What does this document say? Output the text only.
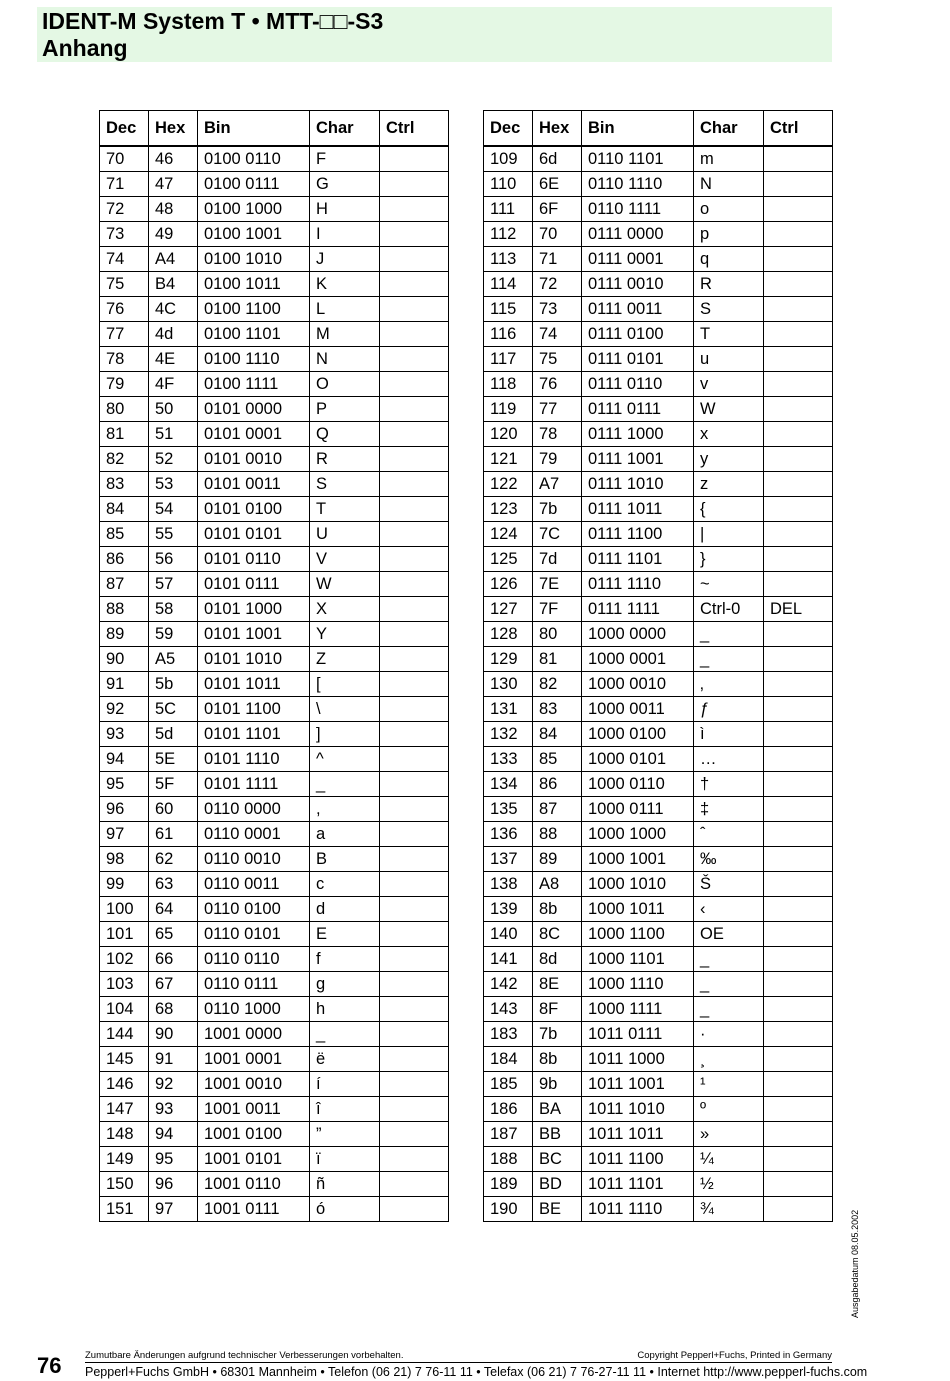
IDENT-M System T • MTT-□□-S3
Anhang
Dec	Hex	Bin	Char	Ctrl
70	46	0100 0110	F	
71	47	0100 0111	G	
72	48	0100 1000	H	
73	49	0100 1001	I	
74	A4	0100 1010	J	
75	B4	0100 1011	K	
76	4C	0100 1100	L	
77	4d	0100 1101	M	
78	4E	0100 1110	N	
79	4F	0100 1111	O	
80	50	0101 0000	P	
81	51	0101 0001	Q	
82	52	0101 0010	R	
83	53	0101 0011	S	
84	54	0101 0100	T	
85	55	0101 0101	U	
86	56	0101 0110	V	
87	57	0101 0111	W	
88	58	0101 1000	X	
89	59	0101 1001	Y	
90	A5	0101 1010	Z	
91	5b	0101 1011	[	
92	5C	0101 1100	\	
93	5d	0101 1101	]	
94	5E	0101 1110	^	
95	5F	0101 1111	_	
96	60	0110 0000	,	
97	61	0110 0001	a	
98	62	0110 0010	B	
99	63	0110 0011	c	
100	64	0110 0100	d	
101	65	0110 0101	E	
102	66	0110 0110	f	
103	67	0110 0111	g	
104	68	0110 1000	h	
144	90	1001 0000	_	
145	91	1001 0001	ë	
146	92	1001 0010	í	
147	93	1001 0011	î	
148	94	1001 0100	”	
149	95	1001 0101	ï	
150	96	1001 0110	ñ	
151	97	1001 0111	ó	
Dec	Hex	Bin	Char	Ctrl
109	6d	0110 1101	m	
110	6E	0110 1110	N	
111	6F	0110 1111	o	
112	70	0111 0000	p	
113	71	0111 0001	q	
114	72	0111 0010	R	
115	73	0111 0011	S	
116	74	0111 0100	T	
117	75	0111 0101	u	
118	76	0111 0110	v	
119	77	0111 0111	W	
120	78	0111 1000	x	
121	79	0111 1001	y	
122	A7	0111 1010	z	
123	7b	0111 1011	{	
124	7C	0111 1100	|	
125	7d	0111 1101	}	
126	7E	0111 1110	~	
127	7F	0111 1111	Ctrl-0	DEL
128	80	1000 0000	_	
129	81	1000 0001	_	
130	82	1000 0010	‚	
131	83	1000 0011	ƒ	
132	84	1000 0100	ì	
133	85	1000 0101	…	
134	86	1000 0110	†	
135	87	1000 0111	‡	
136	88	1000 1000	ˆ	
137	89	1000 1001	‰	
138	A8	1000 1010	Š	
139	8b	1000 1011	‹	
140	8C	1000 1100	OE	
141	8d	1000 1101	_	
142	8E	1000 1110	_	
143	8F	1000 1111	_	
183	7b	1011 0111	·	
184	8b	1011 1000	¸	
185	9b	1011 1001	¹	
186	BA	1011 1010	º	
187	BB	1011 1011	»	
188	BC	1011 1100	¼	
189	BD	1011 1101	½	
190	BE	1011 1110	¾	
Ausgabedatum 08.05.2002
76 Zumutbare Änderungen aufgrund technischer Verbesserungen vorbehalten.	Copyright Pepperl+Fuchs, Printed in Germany
Pepperl+Fuchs GmbH • 68301 Mannheim • Telefon (06 21) 7 76-11 11 • Telefax (06 21) 7 76-27-11 11 • Internet http://www.pepperl-fuchs.com
